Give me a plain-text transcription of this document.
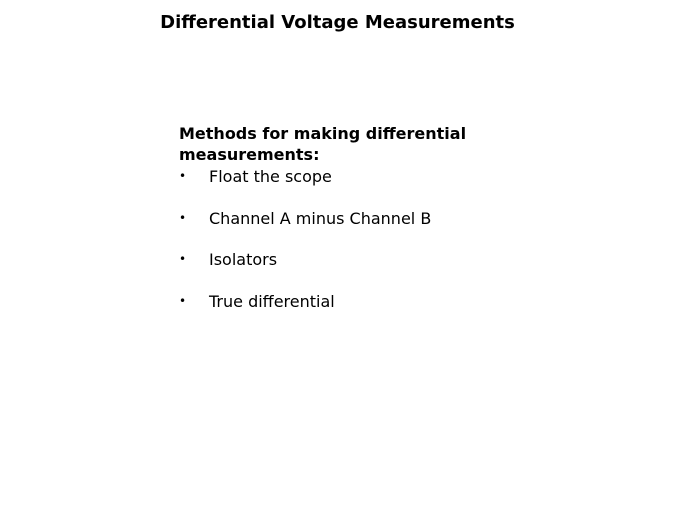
Differential Voltage Measurements

Methods for making differential
measurements:

•	Float the scope
•	Channel A minus Channel B
•	Isolators
•	True differential
